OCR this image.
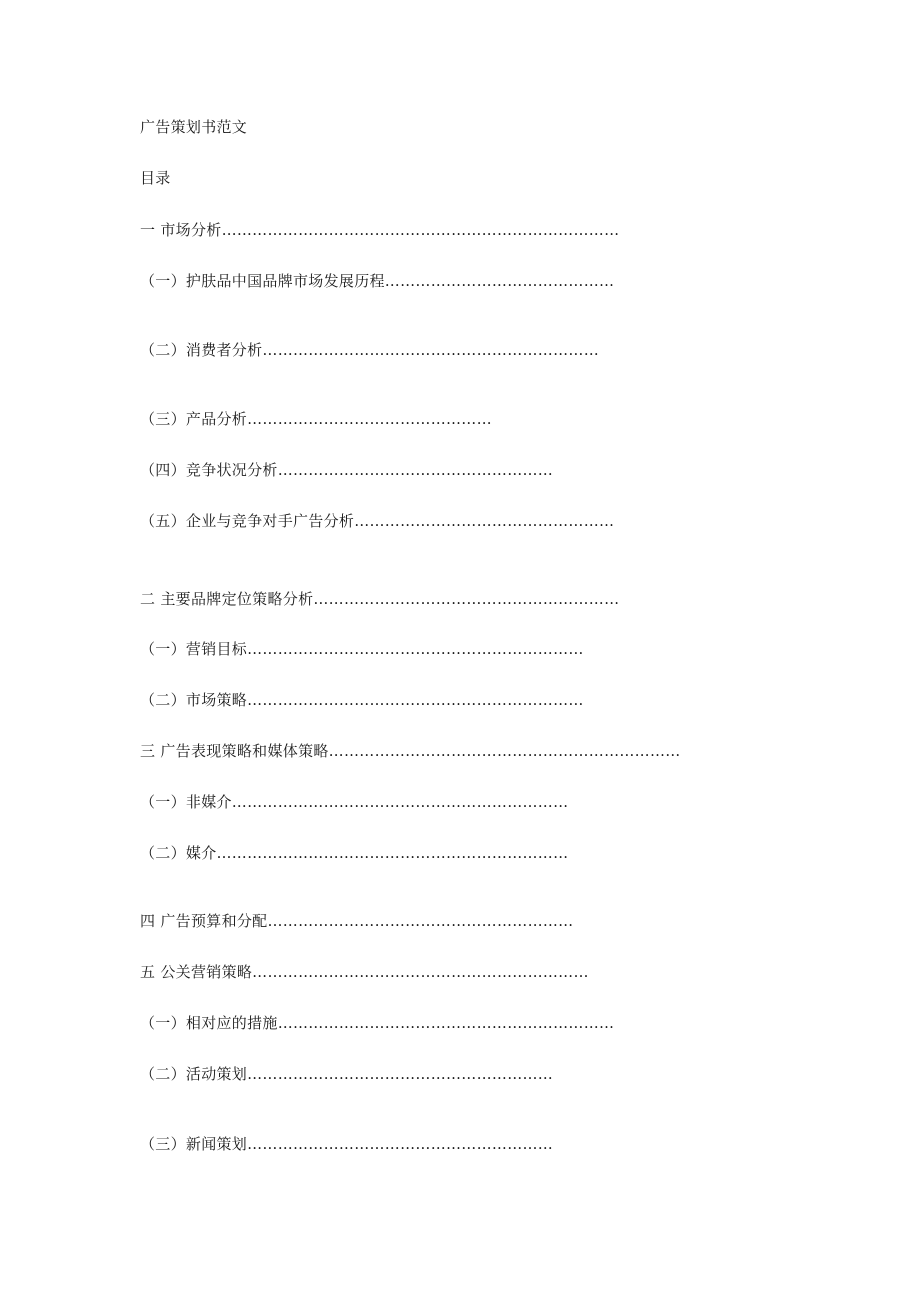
广告策划书范文
目录
一 市场分析……………………………………………………………………
（一）护肤品中国品牌市场发展历程………………………………………
（二）消费者分析…………………………………………………………
（三）产品分析…………………………………………
（四）竞争状况分析………………………………………………
（五）企业与竞争对手广告分析……………………………………………
二 主要品牌定位策略分析……………………………………………………
（一）营销目标…………………………………………………………
（二）市场策略…………………………………………………………
三 广告表现策略和媒体策略……………………………………………………………
（一）非媒介…………………………………………………………
（二）媒介……………………………………………………………
四 广告预算和分配……………………………………………………
五 公关营销策略…………………………………………………………
（一）相对应的措施…………………………………………………………
（二）活动策划……………………………………………………
（三）新闻策划……………………………………………………
